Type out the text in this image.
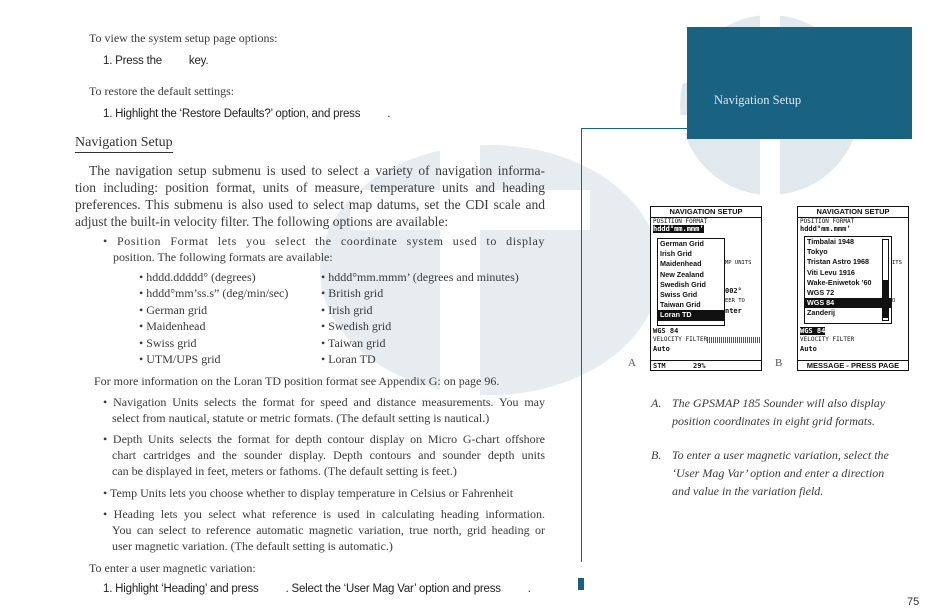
Navigation Setup
To view the system setup page options:
1. Press the         key.
To restore the default settings:
1. Highlight the ‘Restore Defaults?’ option, and press         .
Navigation Setup
The navigation setup submenu is used to select a variety of navigation informa-
tion including: position format, units of measure, temperature units and heading
preferences. This submenu is also used to select map datums, set the CDI scale and
adjust the built-in velocity filter. The following options are available:
• Position Format lets you select the coordinate system used to display
position. The following formats are available:
• hddd.ddddd° (degrees)
• hddd°mm’ss.s” (deg/min/sec)
• German grid
• Maidenhead
• Swiss grid
• UTM/UPS grid
• hddd°mm.mmm’ (degrees and minutes)
• British grid
• Irish grid
• Swedish grid
• Taiwan grid
• Loran TD
For more information on the Loran TD position format see Appendix G: on page 96.
• Navigation Units selects the format for speed and distance measurements. You may
select from nautical, statute or metric formats. (The default setting is nautical.)
• Depth Units selects the format for depth contour display on Micro G-chart offshore
chart cartridges and the sounder display. Depth contours and sounder depth units
can be displayed in feet, meters or fathoms. (The default setting is feet.)
• Temp Units lets you choose whether to display temperature in Celsius or Fahrenheit
• Heading lets you select what reference is used in calculating heading information.
You can select to reference automatic magnetic variation, true north, grid heading or
user magnetic variation. (The default setting is automatic.)
To enter a user magnetic variation:
1. Highlight ‘Heading’ and press         . Select the ‘User Mag Var’ option and press         .
A
NAVIGATION SETUP
POSITION FORMAT
hddd°mm.mmm’
MP UNITS
002°
EER TO
nter
WGS 84
VELOCITY FILTER
Auto
STM	29%
German Grid
Irish Grid
Maidenhead
New Zealand
Swedish Grid
Swiss Grid
Taiwan Grid
Loran TD
B
NAVIGATION SETUP
POSITION FORMAT
hddd°mm.mmm’
ITS
O
WGS 84
VELOCITY FILTER
Auto
MESSAGE - PRESS PAGE
Timbalai 1948
Tokyo
Tristan Astro 1968
Viti Levu 1916
Wake-Eniwetok ’60
WGS 72
WGS 84
Zanderij
A. The GPSMAP 185 Sounder will also display
position coordinates in eight grid formats.
B. To enter a user magnetic variation, select the
‘User Mag Var’ option and enter a direction
and value in the variation field.
75
